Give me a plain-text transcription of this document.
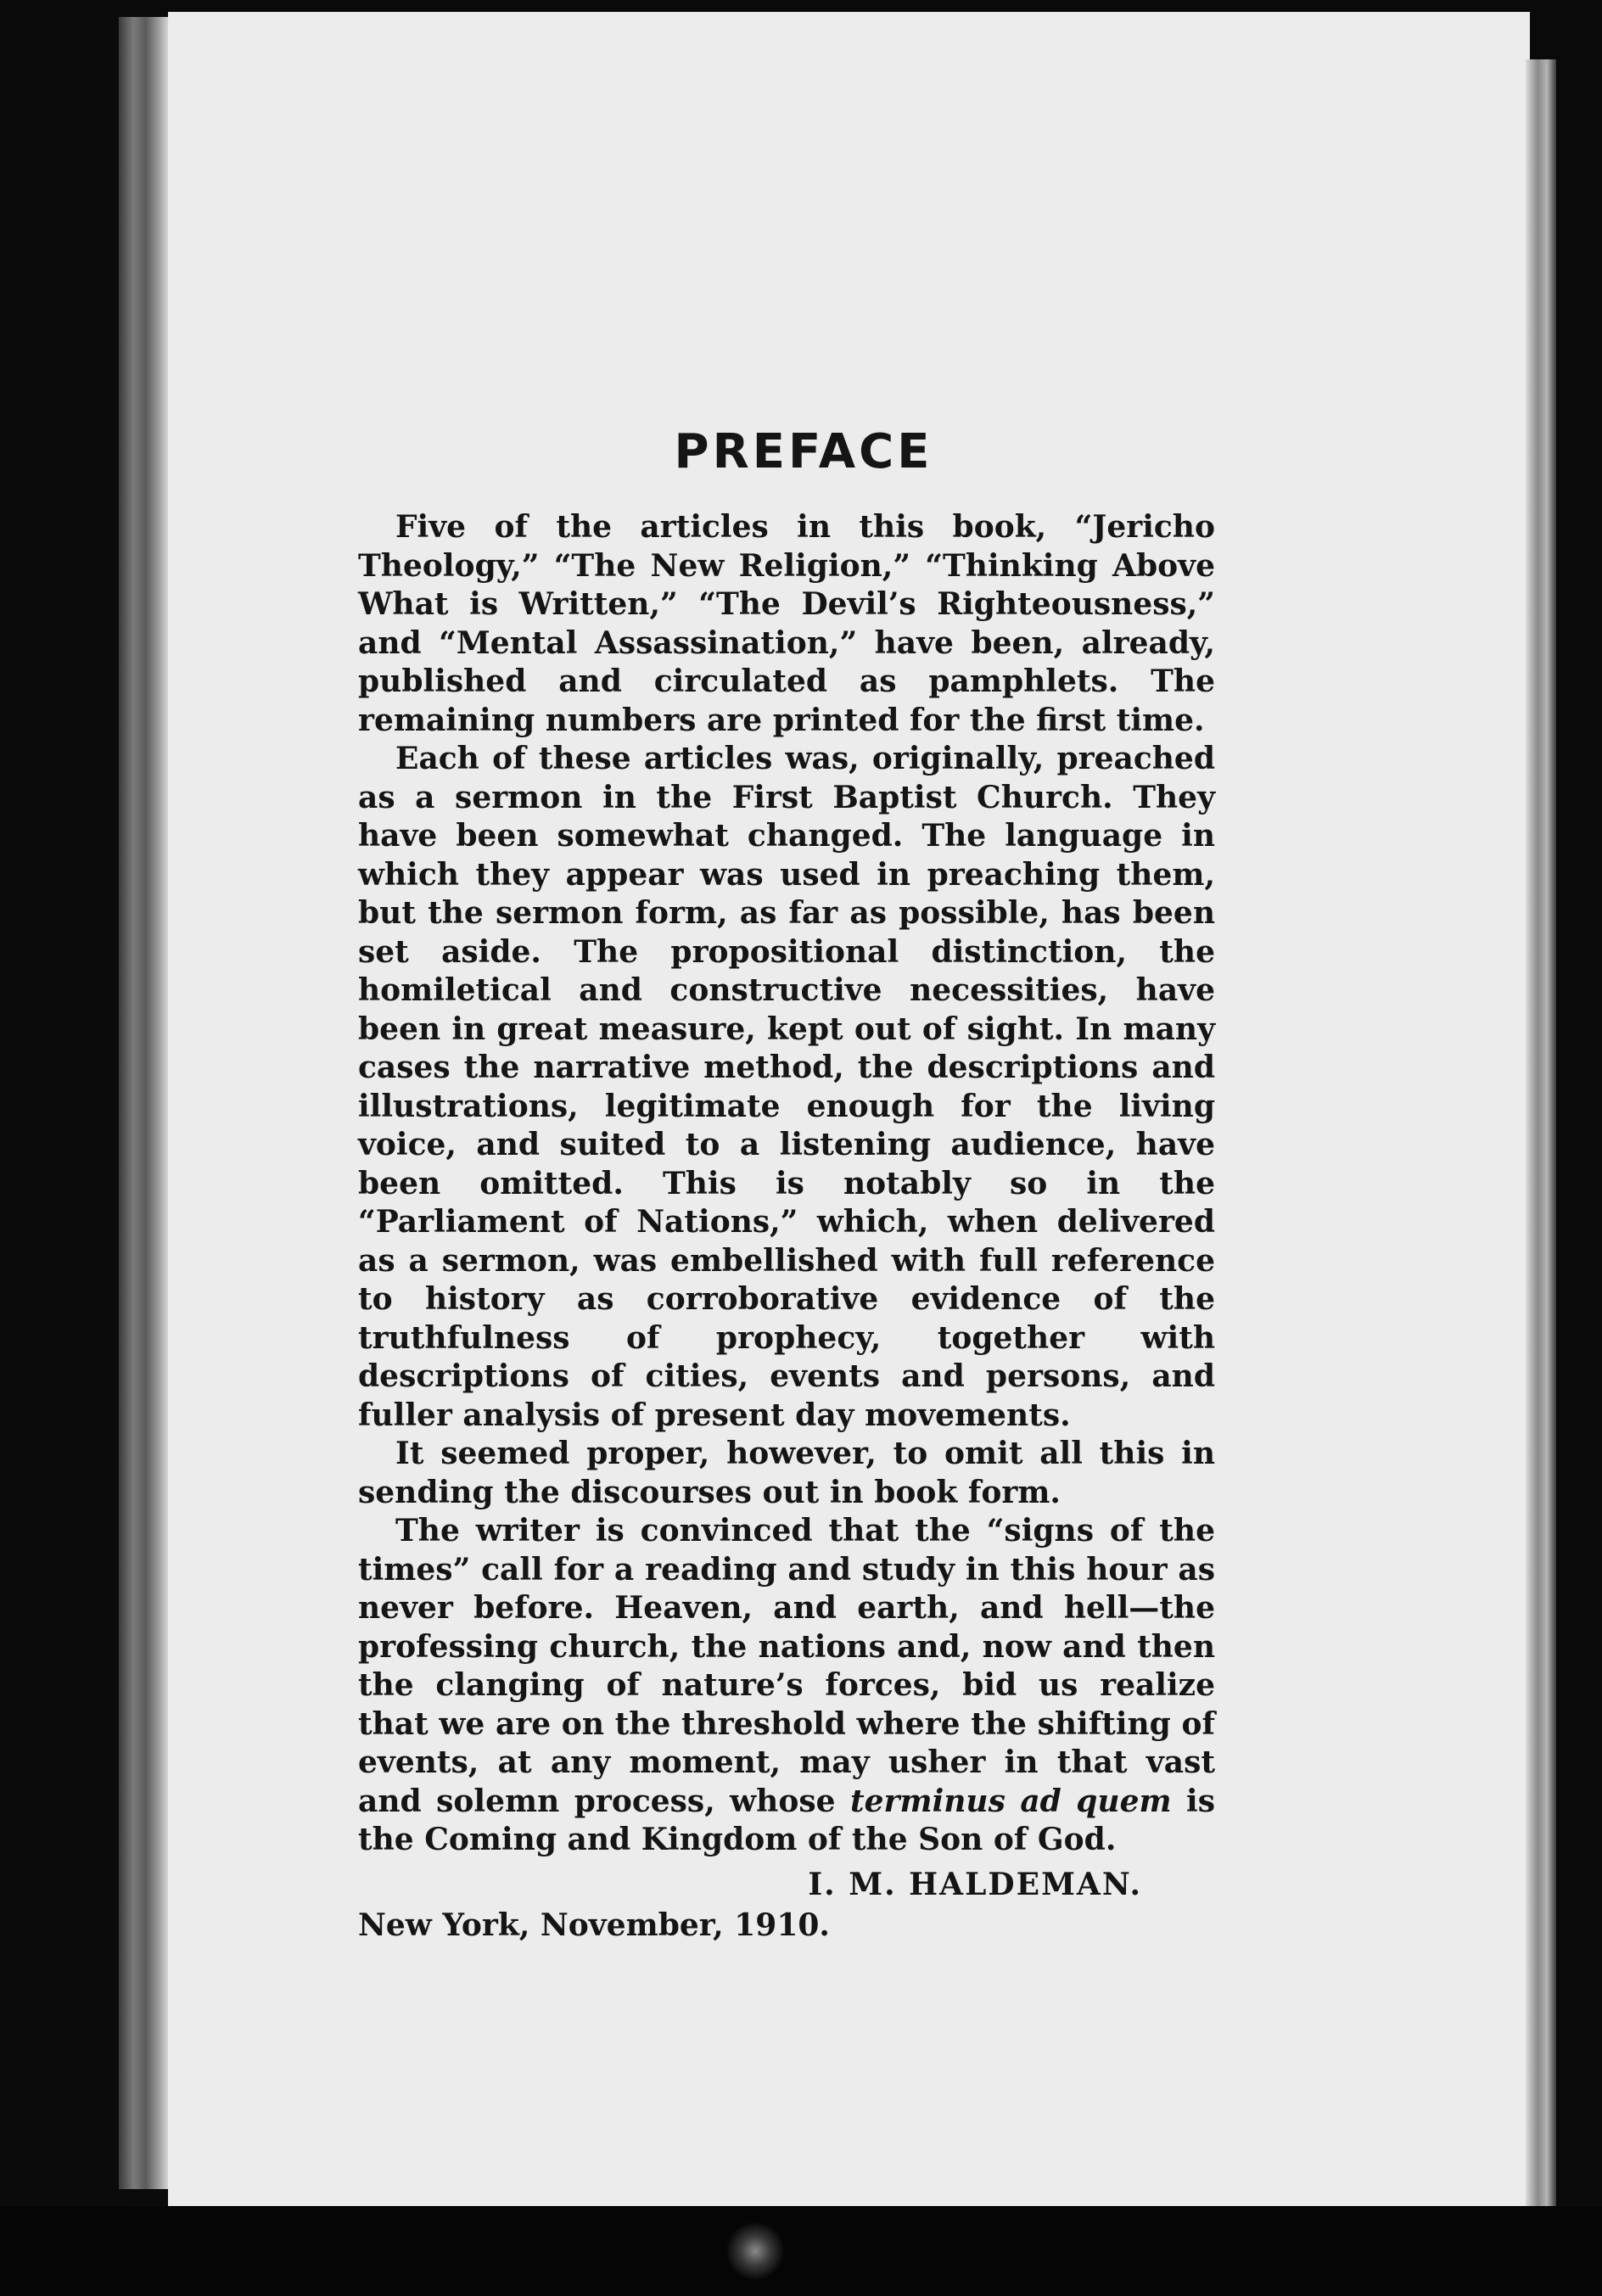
PREFACE

Five of the articles in this book, “Jericho Theology,” “The New Religion,” “Thinking Above What is Written,” “The Devil’s Righteousness,” and “Mental Assassination,” have been, already, published and circulated as pamphlets. The remaining numbers are printed for the first time.

Each of these articles was, originally, preached as a sermon in the First Baptist Church. They have been somewhat changed. The language in which they appear was used in preaching them, but the sermon form, as far as possible, has been set aside. The propositional distinction, the homiletical and constructive necessities, have been in great measure, kept out of sight. In many cases the narrative method, the descriptions and illustrations, legitimate enough for the living voice, and suited to a listening audience, have been omitted. This is notably so in the “Parliament of Nations,” which, when delivered as a sermon, was embellished with full reference to history as corroborative evidence of the truthfulness of prophecy, together with descriptions of cities, events and persons, and fuller analysis of present day movements.

It seemed proper, however, to omit all this in sending the discourses out in book form.

The writer is convinced that the “signs of the times” call for a reading and study in this hour as never before. Heaven, and earth, and hell—the professing church, the nations and, now and then the clanging of nature’s forces, bid us realize that we are on the threshold where the shifting of events, at any moment, may usher in that vast and solemn process, whose terminus ad quem is the Coming and Kingdom of the Son of God.

I. M. HALDEMAN.

New York, November, 1910.
